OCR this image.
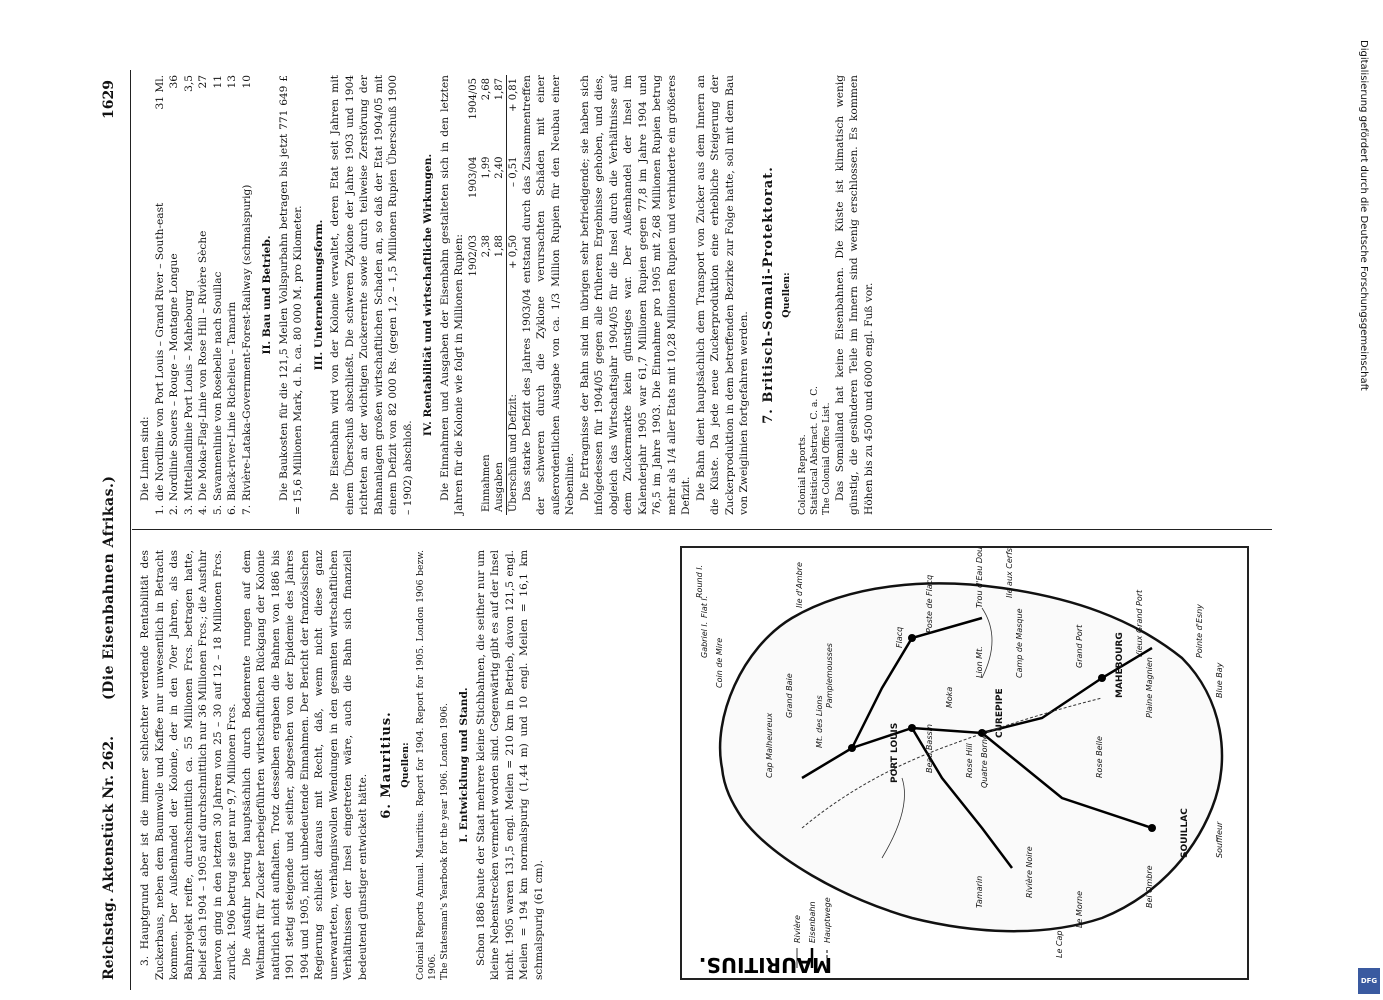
Reichstag. Aktenstück Nr. 262.
(Die Eisenbahnen Afrikas.)
1629

3. Hauptgrund aber ist die immer schlechter werdende Rentabilität des Zuckerbaus, neben dem Baumwolle und Kaffee nur unwesentlich in Betracht kommen. Der Außenhandel der Kolonie, der in den 70er Jahren, als das Bahnprojekt reifte, durchschnittlich ca. 55 Millionen Frcs. betragen hatte, belief sich 1904 – 1905 auf durchschnittlich nur 36 Millionen Frcs.; die Ausfuhr hiervon ging in den letzten 30 Jahren von 25 – 30 auf 12 – 18 Millionen Frcs. zurück. 1906 betrug sie gar nur 9,7 Millionen Frcs. Die Ausfuhr betrug hauptsächlich durch Bodenrente rungen auf dem Weltmarkt für Zucker herbeigeführten wirtschaftlichen Rückgang der Kolonie natürlich nicht aufhalten. Trotz desselben ergaben die Bahnen von 1886 bis 1901 stetig steigende und seither, abgesehen von der Epidemie des Jahres 1904 und 1905, nicht unbedeutende Einnahmen. Der Bericht der französischen Regierung schließt daraus mit Recht, daß, wenn nicht diese ganz unerwarteten, verhängnisvollen Wendungen in den gesamten wirtschaftlichen Verhältnissen der Insel eingetreten wäre, auch die Bahn sich finanziell bedeutend günstiger entwickelt hätte.

6. Mauritius. Quellen: Colonial Reports Annual. Mauritius. Report for 1904. Report for 1905. London 1906 bezw. 1906. The Statesman's Yearbook for the year 1906. London 1906. I. Entwicklung und Stand. Schon 1886 baute der Staat mehrere kleine Stichbahnen, die seither nur um kleine Nebenstrecken vermehrt worden sind. Gegenwärtig gibt es auf der Insel nicht. 1905 waren 131,5 engl. Meilen = 210 km in Betrieb, davon 121,5 engl. Meilen = 194 km normalspurig (1,44 m) und 10 engl. Meilen = 16,1 km schmalspurig (61 cm).

PORT LOUIS
CUREPIPE
SOUILLAC
MAHEBOURG
Moka
Rose Hill Quatre Bornes
Beau Bassin
Grand Baie
Flat I.
Gabriel I. Coin de Mire
Ile d'Ambre
Round I.
Pamplemousses
Flacq
Poste de Flacq
Tamarin	Le Morne
Souffleur
Le Cap
Bel Ombre
Grand Port	Vieux Grand Port
Ile aux Cerfs
Trou d'Eau Douce
Rivière Noire
Cap Malheureux	Mt. des Lions
Lion Mt.	Camp de Masque	Pointe d'Esny
Blue Bay
Plaine Magnien
Rose Belle
MAURITIUS.
Rivière Eisenbahn Hauptwege

Die Linien sind:

1.
die Nordlinie von Port Louis – Grand River – South-east
31 Ml.
2.
Nordlinie Souers – Rouge – Montagne Longue
36
3.
Mittellandlinie Port Louis – Mahebourg
3,5
4.
Die Moka-Flag-Linie von Rose Hill – Rivière Sèche
27
5.
Savannenlinie von Rosebelle nach Souillac
11
6.
Black-river-Linie Richelieu – Tamarin
13
7.
Rivière-Lataka-Government-Forest-Railway (schmalspurig)
10
II. Bau und Betrieb. Die Baukosten für die 121,5 Meilen Vollspurbahn betragen bis jetzt 771 649 £ = 15,6 Millionen Mark, d. h. ca. 80 000 M. pro Kilometer. III. Unternehmungsform. Die Eisenbahn wird von der Kolonie verwaltet, deren Etat seit Jahren mit einem Überschuß abschließt. Die schweren Zyklone der Jahre 1903 und 1904 richteten an der wichtigen Zuckerernte sowie durch teilweise Zerstörung der Bahnanlagen großen wirtschaftlichen Schaden an, so daß der Etat 1904/05 mit einem Defizit von 82 000 Rs. (gegen 1,2 – 1,5 Millionen Rupien Überschuß 1900 – 1902) abschloß.

IV. Rentabilität und wirtschaftliche Wirkungen. Die Einnahmen und Ausgaben der Eisenbahn gestalteten sich in den letzten Jahren für die Kolonie wie folgt in Millionen Rupien:

	1902/03	1903/04	1904/05
Einnahmen	2,38	1,99	2,68
Ausgaben	1,88	2,40	1,87
Überschuß und Defizit:	+ 0,50	– 0,51	+ 0,81 Das starke Defizit des Jahres 1903/04 entstand durch das Zusammentreffen der schweren durch die Zyklone verursachten Schäden mit einer außerordentlichen Ausgabe von ca. 1/3 Million Rupien für den Neubau einer Nebenlinie. Die Ertragnisse der Bahn sind im übrigen sehr befriedigende; sie haben sich infolgedessen für 1904/05 gegen alle früheren Ergebnisse gehoben, und dies, obgleich das Wirtschaftsjahr 1904/05 für die Insel durch die Verhältnisse auf dem Zuckermarkte kein günstiges war. Der Außenhandel der Insel im Kalenderjahr 1905 war 61,7 Millionen Rupien gegen 77,8 im Jahre 1904 und 76,5 im Jahre 1903. Die Einnahme pro 1905 mit 2,68 Millionen Rupien betrug mehr als 1/4 aller Etats mit 10,28 Millionen Rupien und verhinderte ein größeres Defizit. Die Bahn dient hauptsächlich dem Transport von Zucker aus dem Innern an die Küste. Da jede neue Zuckerproduktion eine erhebliche Steigerung der Zuckerproduktion in dem betreffenden Bezirke zur Folge hatte, soll mit dem Bau von Zweiglinien fortgefahren werden. 7. Britisch-Somali-Protektorat. Quellen:

Colonial Reports. Statistical Abstract. C. a. C. The Colonial Office List. Das Somaliland hat keine Eisenbahnen. Die Küste ist klimatisch wenig günstig, die gesünderen Teile im Innern sind wenig erschlossen. Es kommen Höhen bis zu 4500 und 6000 engl. Fuß vor.

Digitalisierung gefördert durch die Deutsche Forschungsgemeinschaft
DFG
